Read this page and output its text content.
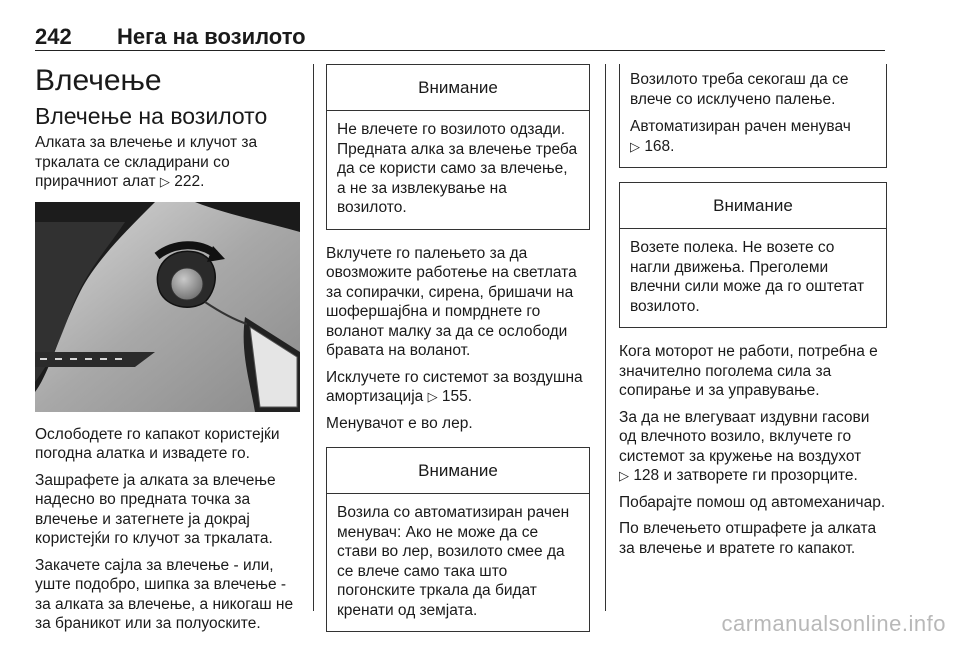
242 Нега на возилото
Влечење
Влечење на возилото

Алката за влечење и клучот за тркалата се складирани со прирачниот алат ▷ 222.

Ослободете го капакот користејќи погодна алатка и извадете го.

Зашрафете ја алката за влечење надесно во предната точка за влечење и затегнете ја докрај користејќи го клучот за тркалата.

Закачете сајла за влечење - или, уште подобро, шипка за влечење - за алката за влечење, а никогаш не за браникот или за полуоските.

Внимание

Не влечете го возилото одзади. Предната алка за влечење треба да се користи само за влечење, а не за извлекување на возилото.

Вклучете го палењето за да овозможите работење на светлата за сопирачки, сирена, бришачи на шофершајбна и помрднете го воланот малку за да се ослободи бравата на воланот.

Исклучете го системот за воздушна амортизација ▷ 155.

Менувачот е во лер.

Внимание

Возила со автоматизиран рачен менувач: Ако не може да се стави во лер, возилото смее да се влече само така што погонските тркала да бидат кренати од земјата.

Возилото треба секогаш да се влече со исклучено палење.

Автоматизиран рачен менувач
▷ 168.

Внимание

Возете полека. Не возете со нагли движења. Преголеми влечни сили може да го оштетат возилото.

Кога моторот не работи, потребна е значително поголема сила за сопирање и за управување.

За да не влегуваат издувни гасови од влечното возило, вклучете го системот за кружење на воздухот
▷ 128 и затворете ги прозорците.

Побарајте помош од автомеханичар.

По влечењето отшрафете ја алката за влечење и вратете го капакот.

carmanualsonline.info
